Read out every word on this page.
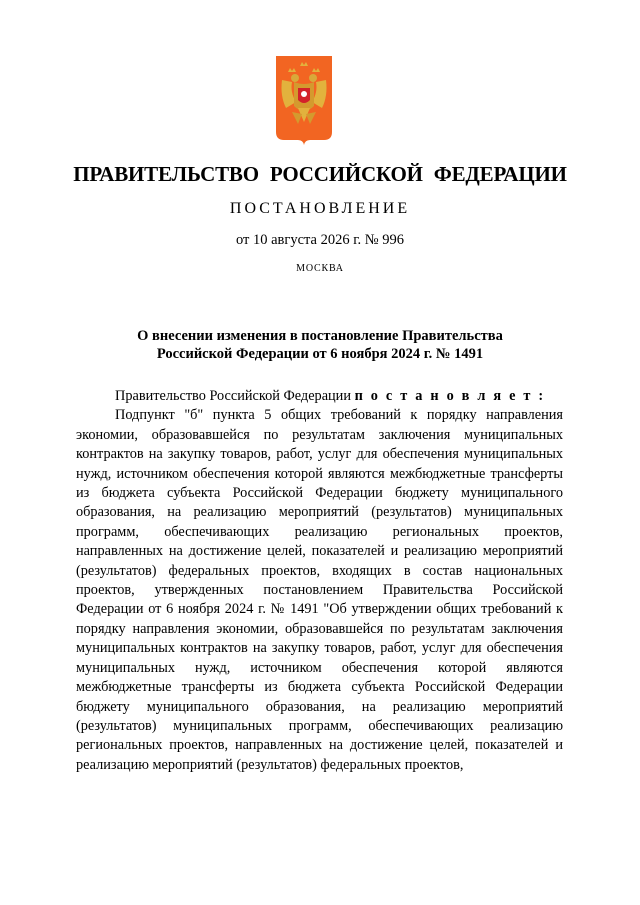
ПРАВИТЕЛЬСТВО РОССИЙСКОЙ ФЕДЕРАЦИИ
ПОСТАНОВЛЕНИЕ
от 10 августа 2026 г. № 996
МОСКВА
О внесении изменения в постановление Правительства
Российской Федерации от 6 ноября 2024 г. № 1491

Правительство Российской Федерации п о с т а н о в л я е т :

Подпункт "б" пункта 5 общих требований к порядку направления экономии, образовавшейся по результатам заключения муниципальных контрактов на закупку товаров, работ, услуг для обеспечения муниципальных нужд, источником обеспечения которой являются межбюджетные трансферты из бюджета субъекта Российской Федерации бюджету муниципального образования, на реализацию мероприятий (результатов) муниципальных программ, обеспечивающих реализацию региональных проектов, направленных на достижение целей, показателей и реализацию мероприятий (результатов) федеральных проектов, входящих в состав национальных проектов, утвержденных постановлением Правительства Российской Федерации от 6 ноября 2024 г. № 1491 "Об утверждении общих требований к порядку направления экономии, образовавшейся по результатам заключения муниципальных контрактов на закупку товаров, работ, услуг для обеспечения муниципальных нужд, источником обеспечения которой являются межбюджетные трансферты из бюджета субъекта Российской Федерации бюджету муниципального образования, на реализацию мероприятий (результатов) муниципальных программ, обеспечивающих реализацию региональных проектов, направленных на достижение целей, показателей и реализацию мероприятий (результатов) федеральных проектов,
